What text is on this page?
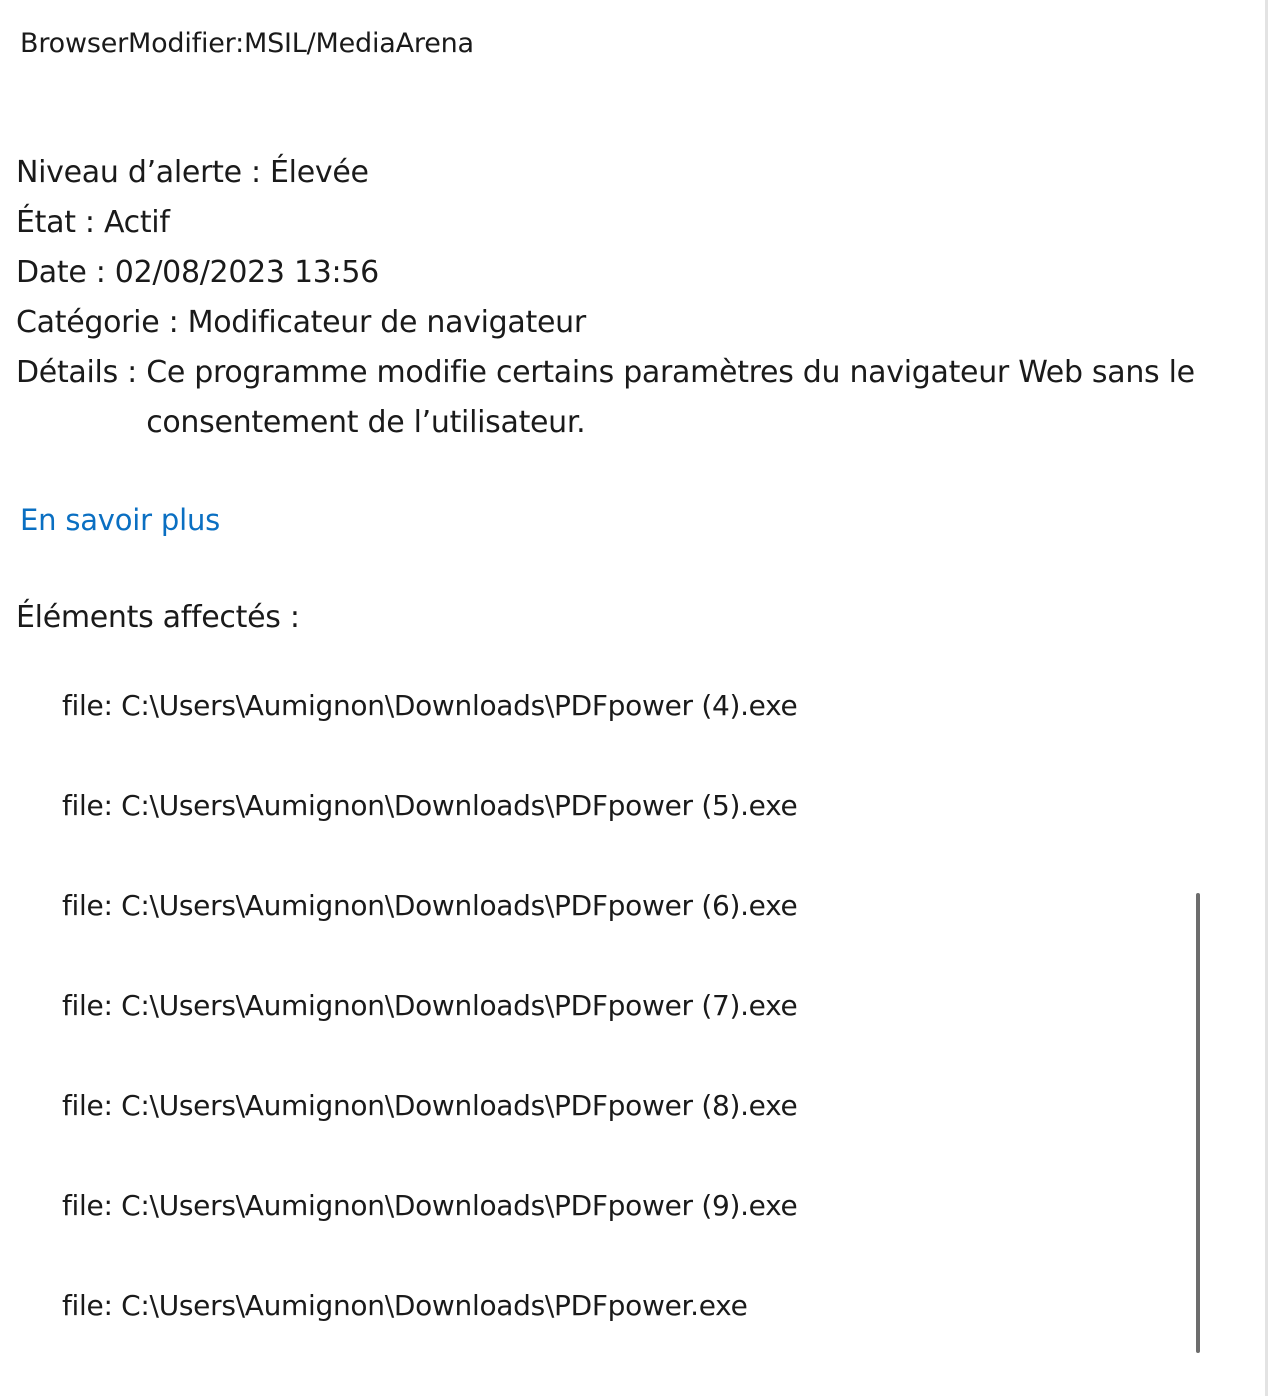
BrowserModifier:MSIL/MediaArena
Niveau d’alerte : Élevée
État : Actif
Date : 02/08/2023 13:56
Catégorie : Modificateur de navigateur
Détails : Ce programme modifie certains paramètres du navigateur Web sans le consentement de l’utilisateur.
En savoir plus
Éléments affectés :
file: C:\Users\Aumignon\Downloads\PDFpower (4).exe
file: C:\Users\Aumignon\Downloads\PDFpower (5).exe
file: C:\Users\Aumignon\Downloads\PDFpower (6).exe
file: C:\Users\Aumignon\Downloads\PDFpower (7).exe
file: C:\Users\Aumignon\Downloads\PDFpower (8).exe
file: C:\Users\Aumignon\Downloads\PDFpower (9).exe
file: C:\Users\Aumignon\Downloads\PDFpower.exe
